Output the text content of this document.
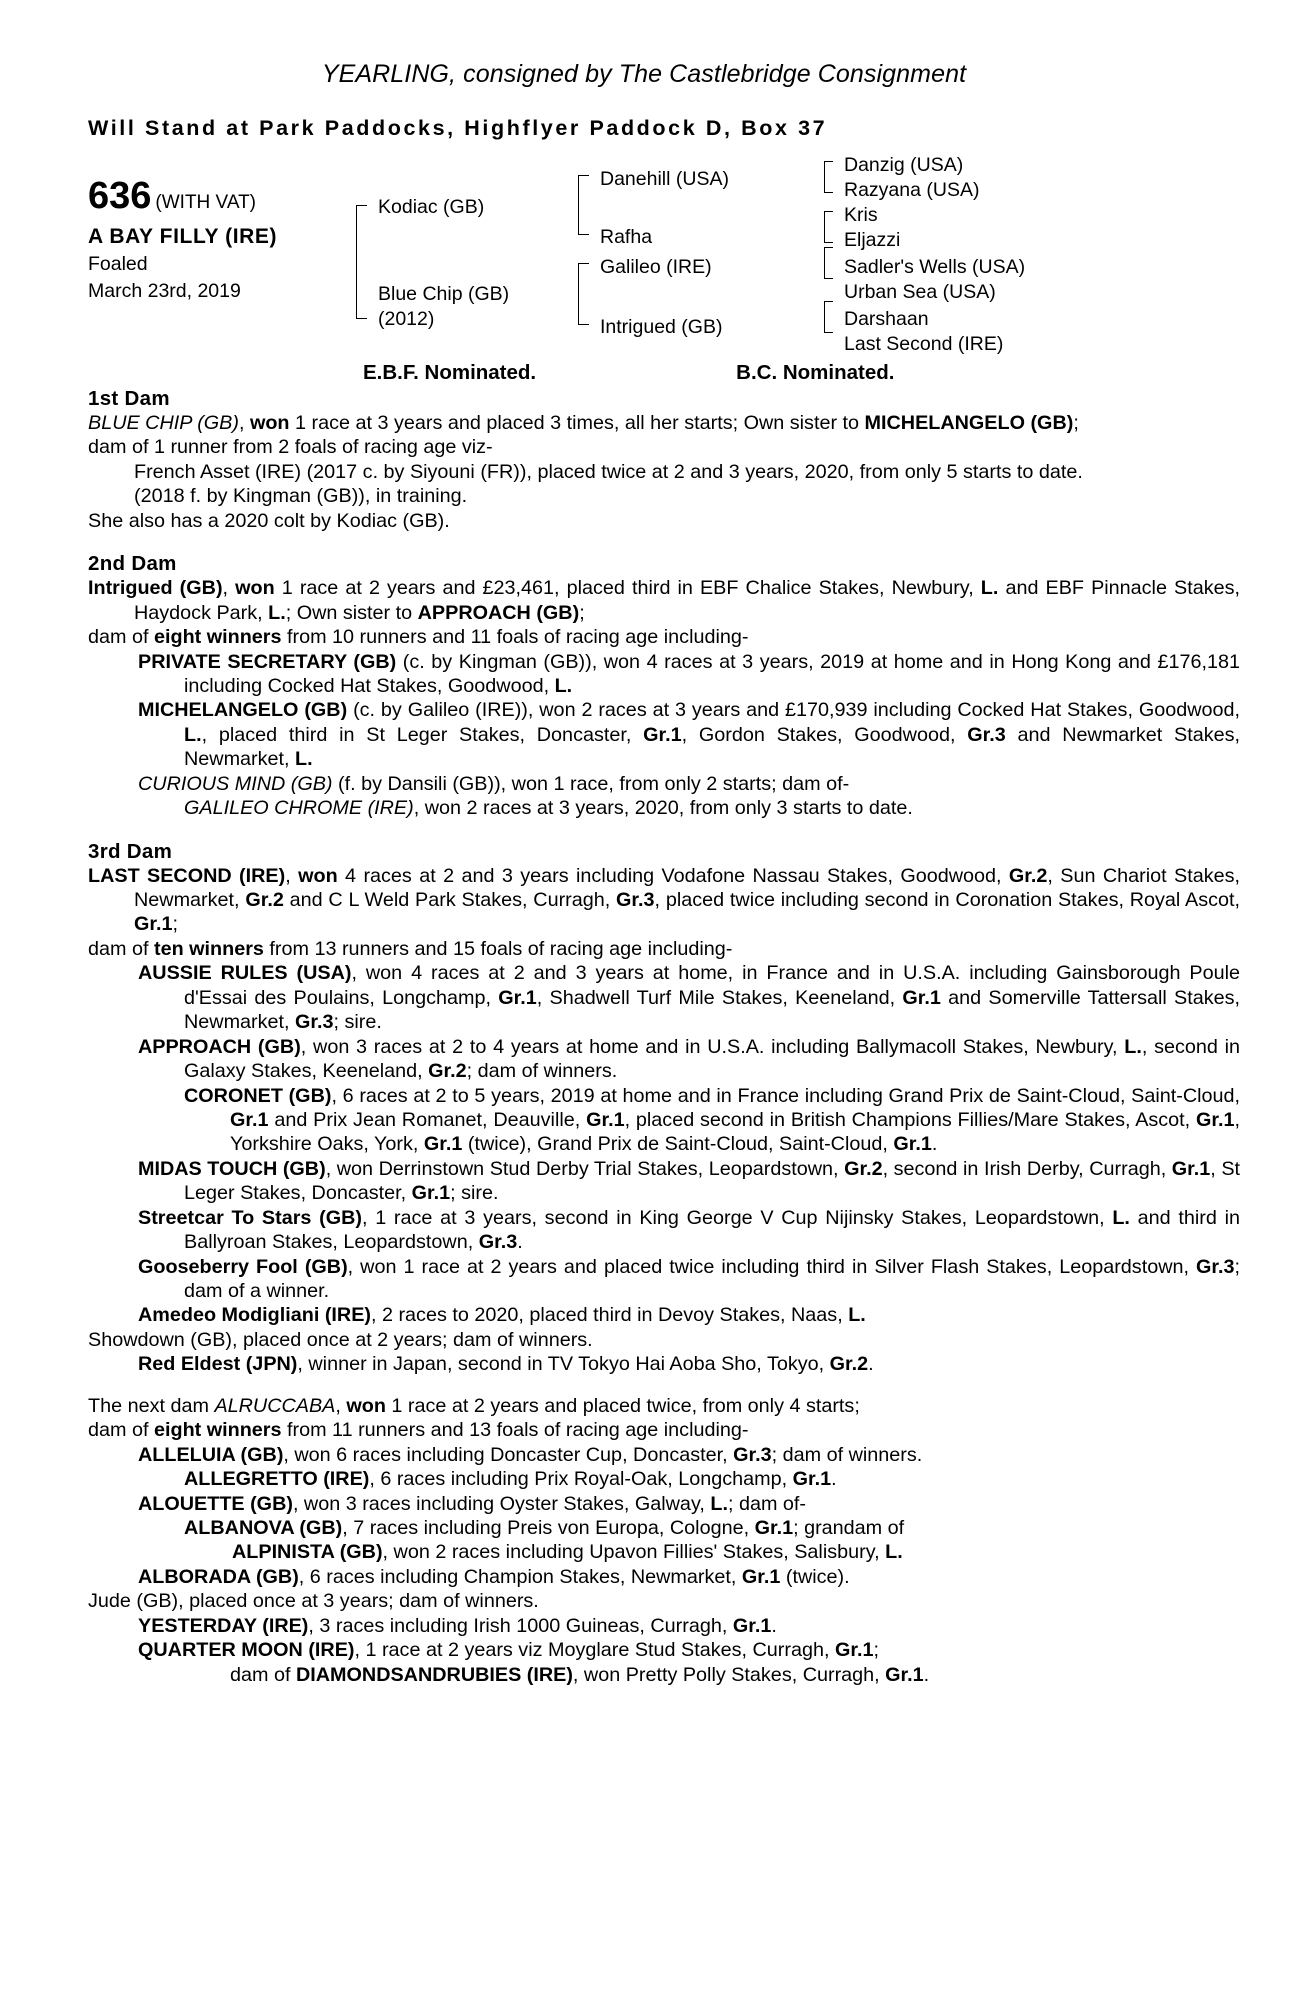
YEARLING, consigned by The Castlebridge Consignment
Will Stand at Park Paddocks, Highflyer Paddock D, Box 37
636 (WITH VAT)
A BAY FILLY (IRE)
Foaled
March 23rd, 2019
Kodiac (GB)
Blue Chip (GB)
(2012)
Danehill (USA)
Rafha
Galileo (IRE)
Intrigued (GB)
Danzig (USA)
Razyana (USA)
Kris
Eljazzi
Sadler's Wells (USA)
Urban Sea (USA)
Darshaan
Last Second (IRE)
E.B.F. Nominated.	B.C. Nominated.
1st Dam

BLUE CHIP (GB), won 1 race at 3 years and placed 3 times, all her starts; Own sister to MICHELANGELO (GB);

dam of 1 runner from 2 foals of racing age viz-

French Asset (IRE) (2017 c. by Siyouni (FR)), placed twice at 2 and 3 years, 2020, from only 5 starts to date.

(2018 f. by Kingman (GB)), in training.

She also has a 2020 colt by Kodiac (GB).

2nd Dam

Intrigued (GB), won 1 race at 2 years and £23,461, placed third in EBF Chalice Stakes, Newbury, L. and EBF Pinnacle Stakes, Haydock Park, L.; Own sister to APPROACH (GB);

dam of eight winners from 10 runners and 11 foals of racing age including-

PRIVATE SECRETARY (GB) (c. by Kingman (GB)), won 4 races at 3 years, 2019 at home and in Hong Kong and £176,181 including Cocked Hat Stakes, Goodwood, L.

MICHELANGELO (GB) (c. by Galileo (IRE)), won 2 races at 3 years and £170,939 including Cocked Hat Stakes, Goodwood, L., placed third in St Leger Stakes, Doncaster, Gr.1, Gordon Stakes, Goodwood, Gr.3 and Newmarket Stakes, Newmarket, L.

CURIOUS MIND (GB) (f. by Dansili (GB)), won 1 race, from only 2 starts; dam of-

GALILEO CHROME (IRE), won 2 races at 3 years, 2020, from only 3 starts to date.

3rd Dam

LAST SECOND (IRE), won 4 races at 2 and 3 years including Vodafone Nassau Stakes, Goodwood, Gr.2, Sun Chariot Stakes, Newmarket, Gr.2 and C L Weld Park Stakes, Curragh, Gr.3, placed twice including second in Coronation Stakes, Royal Ascot, Gr.1;

dam of ten winners from 13 runners and 15 foals of racing age including-

AUSSIE RULES (USA), won 4 races at 2 and 3 years at home, in France and in U.S.A. including Gainsborough Poule d'Essai des Poulains, Longchamp, Gr.1, Shadwell Turf Mile Stakes, Keeneland, Gr.1 and Somerville Tattersall Stakes, Newmarket, Gr.3; sire.

APPROACH (GB), won 3 races at 2 to 4 years at home and in U.S.A. including Ballymacoll Stakes, Newbury, L., second in Galaxy Stakes, Keeneland, Gr.2; dam of winners.

CORONET (GB), 6 races at 2 to 5 years, 2019 at home and in France including Grand Prix de Saint-Cloud, Saint-Cloud, Gr.1 and Prix Jean Romanet, Deauville, Gr.1, placed second in British Champions Fillies/Mare Stakes, Ascot, Gr.1, Yorkshire Oaks, York, Gr.1 (twice), Grand Prix de Saint-Cloud, Saint-Cloud, Gr.1.

MIDAS TOUCH (GB), won Derrinstown Stud Derby Trial Stakes, Leopardstown, Gr.2, second in Irish Derby, Curragh, Gr.1, St Leger Stakes, Doncaster, Gr.1; sire.

Streetcar To Stars (GB), 1 race at 3 years, second in King George V Cup Nijinsky Stakes, Leopardstown, L. and third in Ballyroan Stakes, Leopardstown, Gr.3.

Gooseberry Fool (GB), won 1 race at 2 years and placed twice including third in Silver Flash Stakes, Leopardstown, Gr.3; dam of a winner.

Amedeo Modigliani (IRE), 2 races to 2020, placed third in Devoy Stakes, Naas, L.

Showdown (GB), placed once at 2 years; dam of winners.

Red Eldest (JPN), winner in Japan, second in TV Tokyo Hai Aoba Sho, Tokyo, Gr.2.

The next dam ALRUCCABA, won 1 race at 2 years and placed twice, from only 4 starts;

dam of eight winners from 11 runners and 13 foals of racing age including-

ALLELUIA (GB), won 6 races including Doncaster Cup, Doncaster, Gr.3; dam of winners.

ALLEGRETTO (IRE), 6 races including Prix Royal-Oak, Longchamp, Gr.1.

ALOUETTE (GB), won 3 races including Oyster Stakes, Galway, L.; dam of-

ALBANOVA (GB), 7 races including Preis von Europa, Cologne, Gr.1; grandam of

ALPINISTA (GB), won 2 races including Upavon Fillies' Stakes, Salisbury, L.

ALBORADA (GB), 6 races including Champion Stakes, Newmarket, Gr.1 (twice).

Jude (GB), placed once at 3 years; dam of winners.

YESTERDAY (IRE), 3 races including Irish 1000 Guineas, Curragh, Gr.1.

QUARTER MOON (IRE), 1 race at 2 years viz Moyglare Stud Stakes, Curragh, Gr.1;

dam of DIAMONDSANDRUBIES (IRE), won Pretty Polly Stakes, Curragh, Gr.1.
